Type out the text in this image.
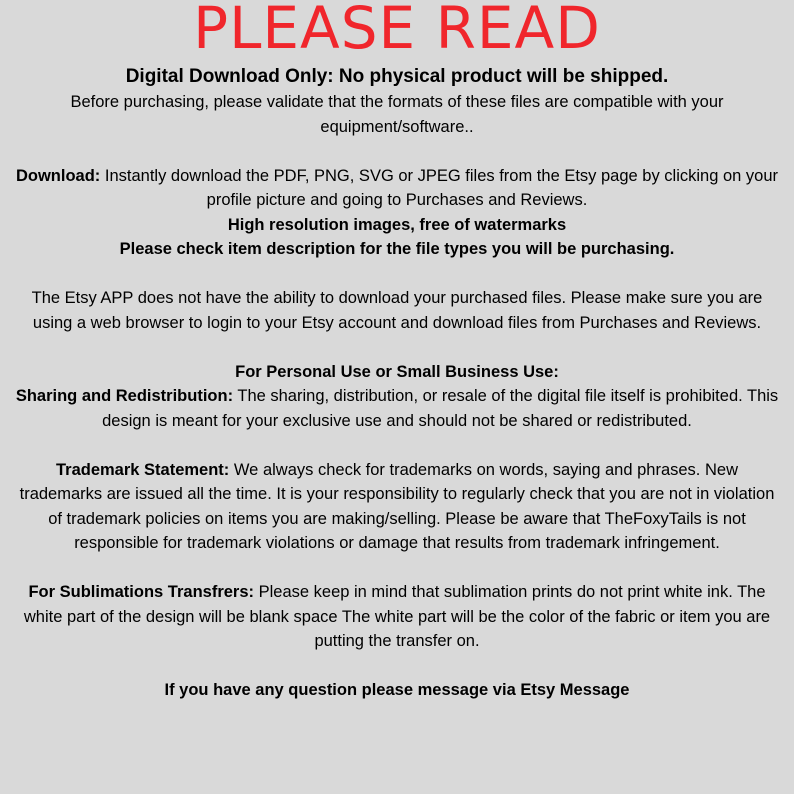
PLEASE READ

Digital Download Only: No physical product will be shipped.

Before purchasing, please validate that the formats of these files are compatible with your equipment/software..

Download: Instantly download the PDF, PNG, SVG or JPEG files from the Etsy page by clicking on your profile picture and going to Purchases and Reviews.

High resolution images, free of watermarks

Please check item description for the file types you will be purchasing.

The Etsy APP does not have the ability to download your purchased files. Please make sure you are using a web browser to login to your Etsy account and download files from Purchases and Reviews.

For Personal Use or Small Business Use:

Sharing and Redistribution: The sharing, distribution, or resale of the digital file itself is prohibited. This design is meant for your exclusive use and should not be shared or redistributed.

Trademark Statement: We always check for trademarks on words, saying and phrases. New trademarks are issued all the time. It is your responsibility to regularly check that you are not in violation of trademark policies on items you are making/selling. Please be aware that TheFoxyTails is not responsible for trademark violations or damage that results from trademark infringement.

For Sublimations Transfrers: Please keep in mind that sublimation prints do not print white ink. The white part of the design will be blank space The white part will be the color of the fabric or item you are putting the transfer on.

If you have any question please message via Etsy Message
